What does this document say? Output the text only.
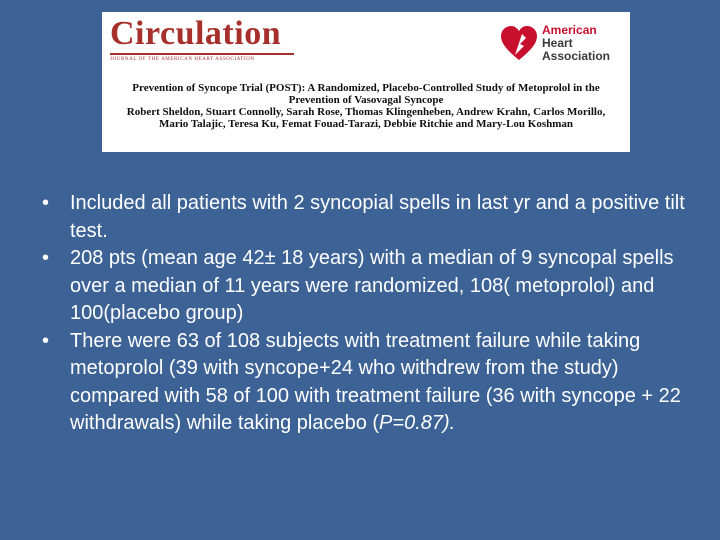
Circulation
JOURNAL OF THE AMERICAN HEART ASSOCIATION
American
Heart
Association
Prevention of Syncope Trial (POST): A Randomized, Placebo-Controlled Study of Metoprolol in the Prevention of Vasovagal Syncope
Robert Sheldon, Stuart Connolly, Sarah Rose, Thomas Klingenheben, Andrew Krahn, Carlos Morillo, Mario Talajic, Teresa Ku, Femat Fouad-Tarazi, Debbie Ritchie and Mary-Lou Koshman
• Included all patients with 2 syncopial spells in last yr and a positive tilt test.
• 208 pts (mean age 42± 18 years) with a median of 9 syncopal spells over a median of 11 years were randomized, 108( metoprolol) and 100(placebo group)
• There were 63 of 108 subjects with treatment failure while taking metoprolol (39 with syncope+24 who withdrew from the study) compared with 58 of 100 with treatment failure (36 with syncope + 22 withdrawals) while taking placebo (P=0.87).
